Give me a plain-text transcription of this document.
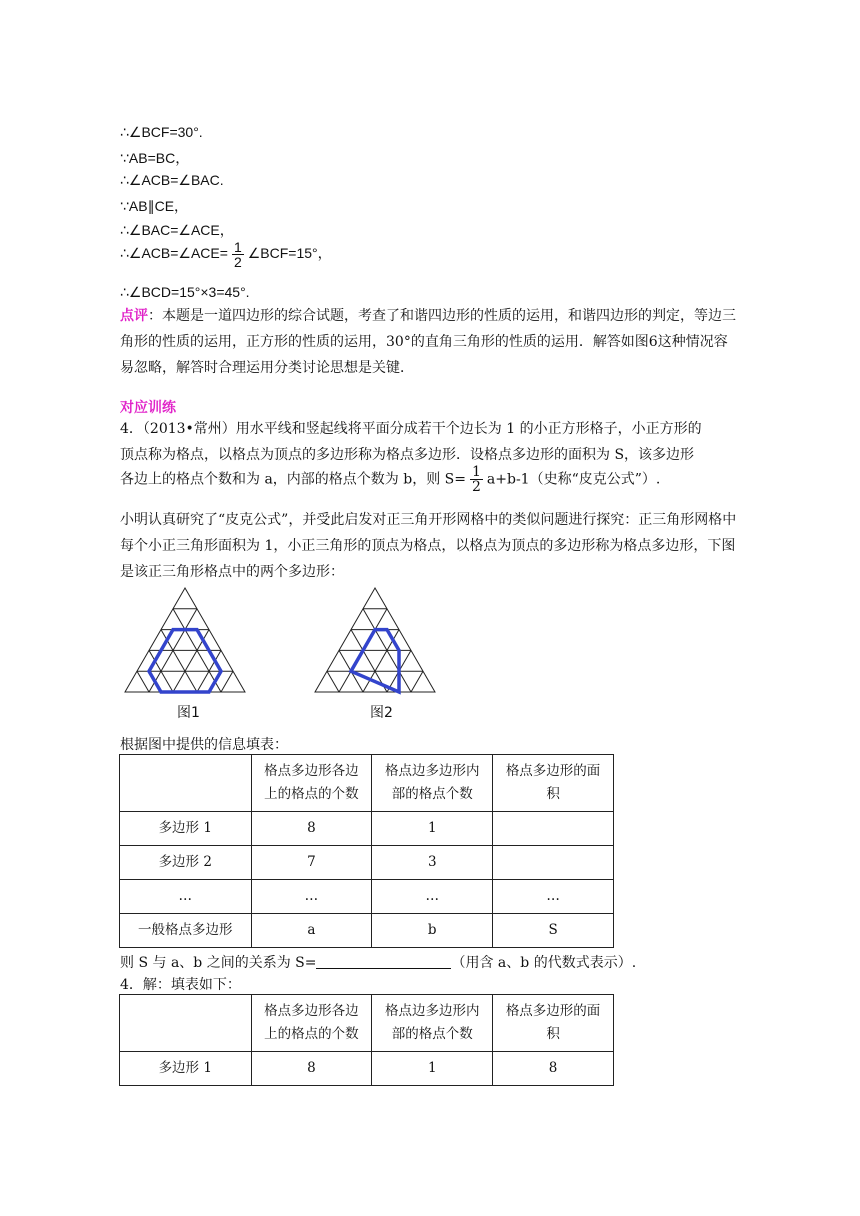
∴∠BCF=30°.
∵AB=BC，
∴∠ACB=∠BAC.
∵AB∥CE，
∴∠BAC=∠ACE，
∴∠ACB=∠ACE= $\frac{1}{2}$ ∠BCF=15°，
∴∠BCD=15°×3=45°.
点评：本题是一道四边形的综合试题，考查了和谐四边形的性质的运用，和谐四边形的判定，等边三角形的性质的运用，正方形的性质的运用，30°的直角三角形的性质的运用．解答如图6这种情况容易忽略，解答时合理运用分类讨论思想是关键．
对应训练
4．（2013•常州）用水平线和竖起线将平面分成若干个边长为 1 的小正方形格子，小正方形的
顶点称为格点，以格点为顶点的多边形称为格点多边形．设格点多边形的面积为 S，该多边形
各边上的格点个数和为 a，内部的格点个数为 b，则 $S= \frac{1}{2} a+b-1$（史称“皮克公式”）.
小明认真研究了“皮克公式”，并受此启发对正三角开形网格中的类似问题进行探究：正三角形网格中每个小正三角形面积为 1，小正三角形的顶点为格点，以格点为顶点的多边形称为格点多边形，下图是该正三角形格点中的两个多边形：
图1	图2
根据图中提供的信息填表：
	格点多边形各边上的格点的个数	格点边多边形内部的格点个数	格点多边形的面积
多边形 1	8	1	
多边形 2	7	3	
…	…	…	…
一般格点多边形	a	b	S
则 S 与 a、b 之间的关系为 S=	（用含 a、b 的代数式表示）.
4．解：填表如下：
	格点多边形各边上的格点的个数	格点边多边形内部的格点个数	格点多边形的面积
多边形 1	8	1	8
